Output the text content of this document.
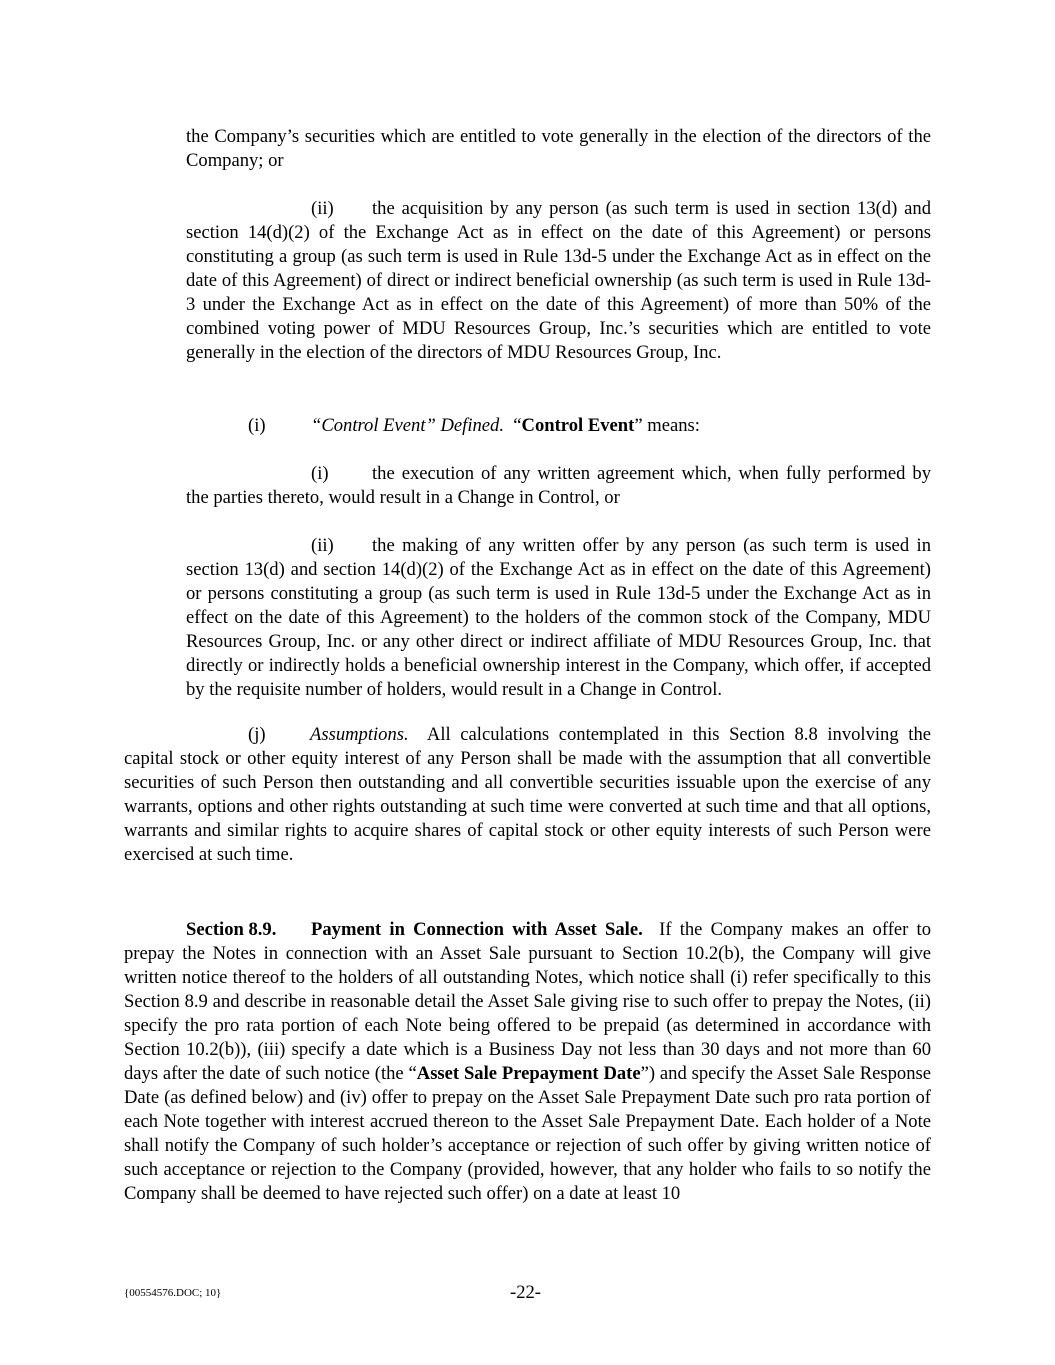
the Company’s securities which are entitled to vote generally in the election of the directors of the Company; or

(ii) the acquisition by any person (as such term is used in section 13(d) and section 14(d)(2) of the Exchange Act as in effect on the date of this Agreement) or persons constituting a group (as such term is used in Rule 13d-5 under the Exchange Act as in effect on the date of this Agreement) of direct or indirect beneficial ownership (as such term is used in Rule 13d-3 under the Exchange Act as in effect on the date of this Agreement) of more than 50% of the combined voting power of MDU Resources Group, Inc.’s securities which are entitled to vote generally in the election of the directors of MDU Resources Group, Inc.

(i) “Control Event” Defined. “Control Event” means:

(i) the execution of any written agreement which, when fully performed by the parties thereto, would result in a Change in Control, or

(ii) the making of any written offer by any person (as such term is used in section 13(d) and section 14(d)(2) of the Exchange Act as in effect on the date of this Agreement) or persons constituting a group (as such term is used in Rule 13d-5 under the Exchange Act as in effect on the date of this Agreement) to the holders of the common stock of the Company, MDU Resources Group, Inc. or any other direct or indirect affiliate of MDU Resources Group, Inc. that directly or indirectly holds a beneficial ownership interest in the Company, which offer, if accepted by the requisite number of holders, would result in a Change in Control.

(j) Assumptions. All calculations contemplated in this Section 8.8 involving the capital stock or other equity interest of any Person shall be made with the assumption that all convertible securities of such Person then outstanding and all convertible securities issuable upon the exercise of any warrants, options and other rights outstanding at such time were converted at such time and that all options, warrants and similar rights to acquire shares of capital stock or other equity interests of such Person were exercised at such time.

Section 8.9. Payment in Connection with Asset Sale. If the Company makes an offer to prepay the Notes in connection with an Asset Sale pursuant to Section 10.2(b), the Company will give written notice thereof to the holders of all outstanding Notes, which notice shall (i) refer specifically to this Section 8.9 and describe in reasonable detail the Asset Sale giving rise to such offer to prepay the Notes, (ii) specify the pro rata portion of each Note being offered to be prepaid (as determined in accordance with Section 10.2(b)), (iii) specify a date which is a Business Day not less than 30 days and not more than 60 days after the date of such notice (the “Asset Sale Prepayment Date”) and specify the Asset Sale Response Date (as defined below) and (iv) offer to prepay on the Asset Sale Prepayment Date such pro rata portion of each Note together with interest accrued thereon to the Asset Sale Prepayment Date. Each holder of a Note shall notify the Company of such holder’s acceptance or rejection of such offer by giving written notice of such acceptance or rejection to the Company (provided, however, that any holder who fails to so notify the Company shall be deemed to have rejected such offer) on a date at least 10

{00554576.DOC; 10}	-22-
